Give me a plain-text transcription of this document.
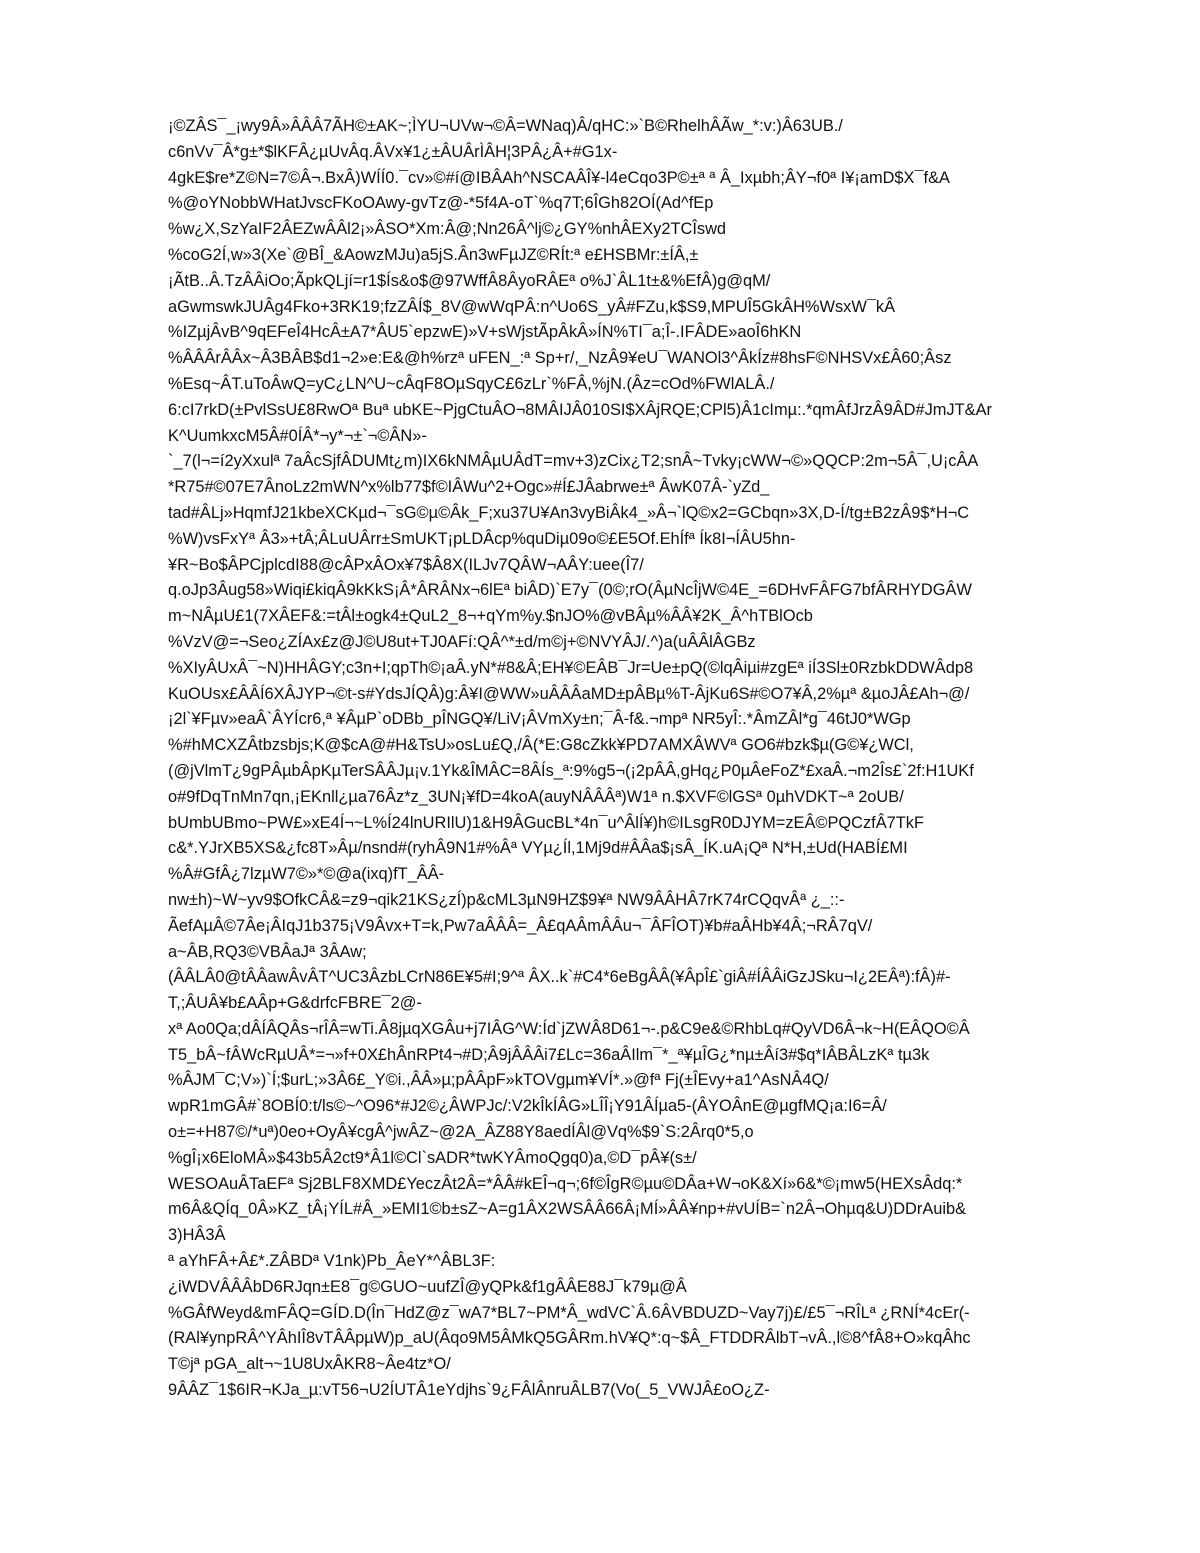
¡©ZÂS¯_¡wy9Â»ÂÂÂ7ÃH©±AK~;ÌYU¬UVw¬©Â=WNaq)Â/qHC:»`B©RhelhÂÃw_*:v:)Â63UB./
c6nVv¯Â*g±*$lKFÂ¿µUvÂq.ÂVx¥1¿±ÂUÂrÌÂH¦3PÂ¿Â+#G1x-
4gkE$re*Z©N=7©Â¬.BxÂ)WÍÍ0.¯cv»©#í@IBÂAh^NSCAÂÎ¥-l4eCqo3P©±ª ª Â_Ixµbh;ÂY¬f0ª I¥¡amD$X¯f&A
%@oYNobbWHatJvscFKoOAwy-gvTz@-*5f4A-oT`%q7T;6ÎGh82OÍ(Ad^fEp
%w¿X,SzYaIF2ÂEZwÂÂl2¡»ÂSO*Xm:Â@;Nn26Â^lj©¿GY%nhÂEXy2TCÎswd
%coG2Í,w»3(Xe`@BÎ_&AowzMJu)a5jS.Ân3wFµJZ©RÍt:ª e£HSBMr:±ÍÂ,±
¡ÃtB..Â.TzÂÂiOo;ÃpkQLjí=r1$Ís&o$@97WffÂ8ÂyoRÂEª o%J`ÂL1t±&%EfÂ)g@qM/
aGwmswkJUÂg4Fko+3RK19;fzZÂÍ$_8V@wWqPÂ:n^Uo6S_yÂ#FZu,k$S9,MPUÎ5GkÂH%WsxW¯kÂ
%IZµjÂvB^9qEFeÎ4HcÂ±A7*ÂU5`epzwE)»V+sWjstÃpÂkÂ»ÍN%TI¯a;Î-.IFÂDE»aoÎ6hKN
%ÂÂÂrÂÂx~Â3BÂB$d1¬2»e:E&@h%rzª uFEN_:ª Sp+r/,_NzÂ9¥eU¯WANOl3^ÂkÍz#8hsF©NHSVx£Â60;Âsz
%Esq~ÂT.uToÂwQ=yC¿LN^U~cÂqF8OµSqyC£6zLr`%FÂ,%jN.(Âz=cOd%FWlALÂ./
6:cI7rkD(±PvlSsU£8RwOª Buª ubKE~PjgCtuÂO¬8MÂIJÂ010SI$XÂjRQE;CPl5)Â1cImµ:.*qmÂfJrzÂ9ÂD#JmJT&Ar
K^UumkxcM5Â#0ÍÂ*¬y*¬±`¬©ÂN»-
`_7(l¬=í2yXxulª 7aÂcSjfÂDUMt¿m)IX6kNMÂµUÂdT=mv+3)zCix¿T2;snÂ~Tvky¡cWW¬©»QQCP:2m¬5Â¯,U¡cÂA
*R75#©07E7ÂnoLz2mWN^x%lb77$f©IÂWu^2+Ogc»#Í£JÂabrwe±ª ÂwK07Â-`yZd_
tad#ÂLj»HqmfJ21kbeXCKµd¬¯sG©µ©Âk_F;xu37U¥An3vyBiÂk4_»Â¬`lQ©x2=GCbqn»3X,D-Í/tg±B2zÂ9$*H¬C
%W)vsFxYª Â3»+tÂ;ÂLuUÂrr±SmUKT¡pLDÂcp%quDiµ09o©£E5Of.EhÍfª Ík8I¬ÍÂU5hn-
¥R~Bo$ÂPCjplcdI88@cÂPxÂOx¥7$Â8X(ILJv7QÂW¬AÂY:uee(Î7/
q.oJp3Âug58»Wiqi£kiqÂ9kKkS¡Â*ÂRÂNx¬6lEª biÂD)`E7y¯(0©;rO(ÂµNcÎjW©4E_=6DHvFÂFG7bfÂRHYDGÂW
m~NÂµU£1(7XÂEF&:=tÂl±ogk4±QuL2_8¬+qYm%y.$nJO%@vBÂµ%ÂÂ¥2K_Â^hTBlOcb
%VzV@=¬Seo¿ZÍAx£z@J©U8ut+TJ0AFí:QÂ^*±d/m©j+©NVYÂJ/.^)a(uÂÂlÂGBz
%XIyÂUxÂ¯~N)HHÂGY;c3n+I;qpTh©¡aÂ.yN*#8&Â;EH¥©EÂB¯Jr=Ue±pQ(©lqÂiµi#zgEª iÍ3Sl±0RzbkDDWÂdp8
KuOUsx£ÂÂÍ6XÂJYP¬©t-s#YdsJÍQÂ)g:Â¥I@WW»uÂÂÂaMD±pÂBµ%T-ÂjKu6S#©O7¥Â,2%µª &µoJÂ£Ah¬@/
¡2l`¥Fµv»eaÂ`ÂYÍcr6,ª ¥ÂµP`oDBb_pÎNGQ¥/LiV¡ÂVmXy±n;¯Â-f&.¬mpª NR5yÎ:.*ÂmZÂl*g¯46tJ0*WGp
%#hMCXZÂtbzsbjs;K@$cA@#H&TsU»osLu£Q,/Â(*E:G8cZkk¥PD7AMXÂWVª GO6#bzk$µ(G©¥¿WCl,
(@jVlmT¿9gPÂµbÂpKµTerSÂÂJµ¡v.1Yk&ÎMÂC=8ÂÍs_ª:9%g5¬(¡2pÂÂ,gHq¿P0µÂeFoZ*£xaÂ.¬m2Îs£`2f:H1UKf
o#9fDqTnMn7qn,¡EKnll¿µa76Âz*z_3UN¡¥fD=4koA(auyNÂÂÂª)W1ª n.$XVF©lGSª 0µhVDKT~ª 2oUB/
bUmbUBmo~PW£»xE4Í¬~L%Í24lnURIlU)1&H9ÂGucBL*4n¯u^ÂlÍ¥)h©ILsgR0DJYM=zEÂ©PQCzfÂ7TkF
c&*.YJrXB5XS&¿fc8T»Âµ/nsnd#(ryhÂ9N1#%Âª VYµ¿Íl,1Mj9d#ÂÂa$¡sÂ_ÍK.uA¡Qª N*H,±Ud(HABÍ£MI
%Â#GfÂ¿7lzµW7©»*©@a(ixq)fT_ÂÂ-
nw±h)~W~yv9$OfkCÂ&=z9¬qik21KS¿zÍ)p&cML3µN9HZ$9¥ª NW9ÂÂHÂ7rK74rCQqvÂª ¿_::-
ÃefAµÂ©7Âe¡ÂIqJ1b375¡V9Âvx+T=k,Pw7aÂÂÂ=_Â£qAÂmÂÂu¬¯ÂFÎOT)¥b#aÂHb¥4Â;¬RÂ7qV/
a~ÂB,RQ3©VBÂaJª 3ÂAw;
(ÂÂLÂ0@tÂÂawÂvÂT^UC3ÂzbLCrN86E¥5#I;9^ª ÂX..k`#C4*6eBgÂÂ(¥ÂpÎ£`giÂ#ÍÂÂiGzJSku¬I¿2EÂª):fÂ)#-
T,;ÂUÂ¥b£AÂp+G&drfcFBRE¯2@-
xª Ao0Qa;dÂÍÂQÂs¬rÎÂ=wTi.Â8jµqXGÂu+j7IÂG^W:Íd`jZWÂ8D61¬-.p&C9e&©RhbLq#QyVD6Â¬k~H(EÂQO©Â
T5_bÂ~fÂWcRµUÂ*=¬»f+0X£hÂnRPt4¬#D;Â9jÂÂÂi7£Lc=36aÂIlm¯*_ª¥µÎG¿*nµ±Âí3#$q*IÂBÂLzKª tµ3k
%ÂJM¯C;V»)`Í;$urL;»3Â6£_Y©i.,ÂÂ»µ;pÂÂpF»kTOVgµm¥VÍ*.»@fª Fj(±ÎEvy+a1^AsNÂ4Q/
wpR1mGÂ#`8OBÍ0:t/ls©~^O96*#J2©¿ÂWPJc/:V2kÎkÍÂG»LÎÎ¡Y91ÂÍµa5-(ÂYOÂnE@µgfMQ¡a:I6=Â/
o±=+H87©/*uª)0eo+OyÂ¥cgÂ^jwÂZ~@2A_ÂZ88Y8aedÍÂl@Vq%$9`S:2Ârq0*5,o
%gÎ¡x6EloMÂ»$43b5Â2ct9*Â1l©Cl`sADR*twKYÂmoQgq0)a,©D¯pÂ¥(s±/
WESOAuÂTaEFª Sj2BLF8XMD£YeczÂt2Â=*ÂÂ#kEÎ¬q¬;6f©ÎgR©µu©DÂa+W¬oK&Xí»6&*©¡mw5(HEXsÂdq:*
m6Â&QÍq_0Â»KZ_tÂ¡YÍL#Â_»EMI1©b±sZ~A=g1ÂX2WSÂÂ66Â¡MÍ»ÂÂ¥np+#vUÍB=`n2Â¬Ohµq&U)DDrAuib&
3)HÂ3Â
ª aYhFÂ+Â£*.ZÂBDª V1nk)Pb_ÂeY*^ÂBL3F:
¿iWDVÂÂÂbD6RJqn±E8¯g©GUO~uufZÎ@yQPk&f1gÂÂE88J¯k79µ@Â
%GÂfWeyd&mFÂQ=GÍD.D(În¯HdZ@z¯wA7*BL7~PM*Â_wdVC`Â.6ÂVBDUZD~Vay7j)£/£5¯¬RÎLª ¿RNÍ*4cEr(-
(RAl¥ynpRÂ^YÂhIÎ8vTÂÂpµW)p_aU(Âqo9M5ÂMkQ5GÂRm.hV¥Q*:q~$Â_FTDDRÂlbT¬vÂ.,l©8^fÂ8+O»kqÂhc
T©jª pGA_alt¬~1U8UxÂKR8~Âe4tz*O/
9ÂÂZ¯1$6IR¬KJa_µ:vT56¬U2ÍUTÂ1eYdjhs`9¿FÂlÂnruÂLB7(Vo(_5_VWJÂ£oO¿Z-
